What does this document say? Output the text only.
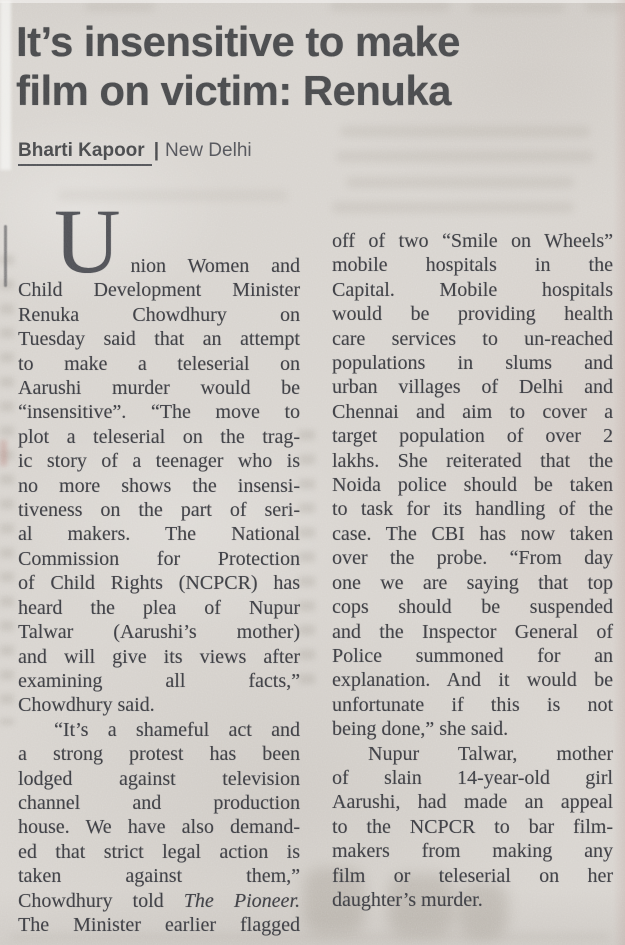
It’s insensitive to make
film on victim: Renuka
Bharti Kapoor | New Delhi
Union Women and
Child Development Minister
Renuka Chowdhury on
Tuesday said that an attempt
to make a teleserial on
Aarushi murder would be
“insensitive”. “The move to
plot a teleserial on the trag-
ic story of a teenager who is
no more shows the insensi-
tiveness on the part of seri-
al makers. The National
Commission for Protection
of Child Rights (NCPCR) has
heard the plea of Nupur
Talwar (Aarushi’s mother)
and will give its views after
examining all facts,”
Chowdhury said.
“It’s a shameful act and
a strong protest has been
lodged against television
channel and production
house. We have also demand-
ed that strict legal action is
taken against them,”
Chowdhury told The Pioneer.
The Minister earlier flagged
off of two “Smile on Wheels”
mobile hospitals in the
Capital. Mobile hospitals
would be providing health
care services to un-reached
populations in slums and
urban villages of Delhi and
Chennai and aim to cover a
target population of over 2
lakhs. She reiterated that the
Noida police should be taken
to task for its handling of the
case. The CBI has now taken
over the probe. “From day
one we are saying that top
cops should be suspended
and the Inspector General of
Police summoned for an
explanation. And it would be
unfortunate if this is not
being done,” she said.
Nupur Talwar, mother
of slain 14-year-old girl
Aarushi, had made an appeal
to the NCPCR to bar film-
makers from making any
film or teleserial on her
daughter’s murder.
